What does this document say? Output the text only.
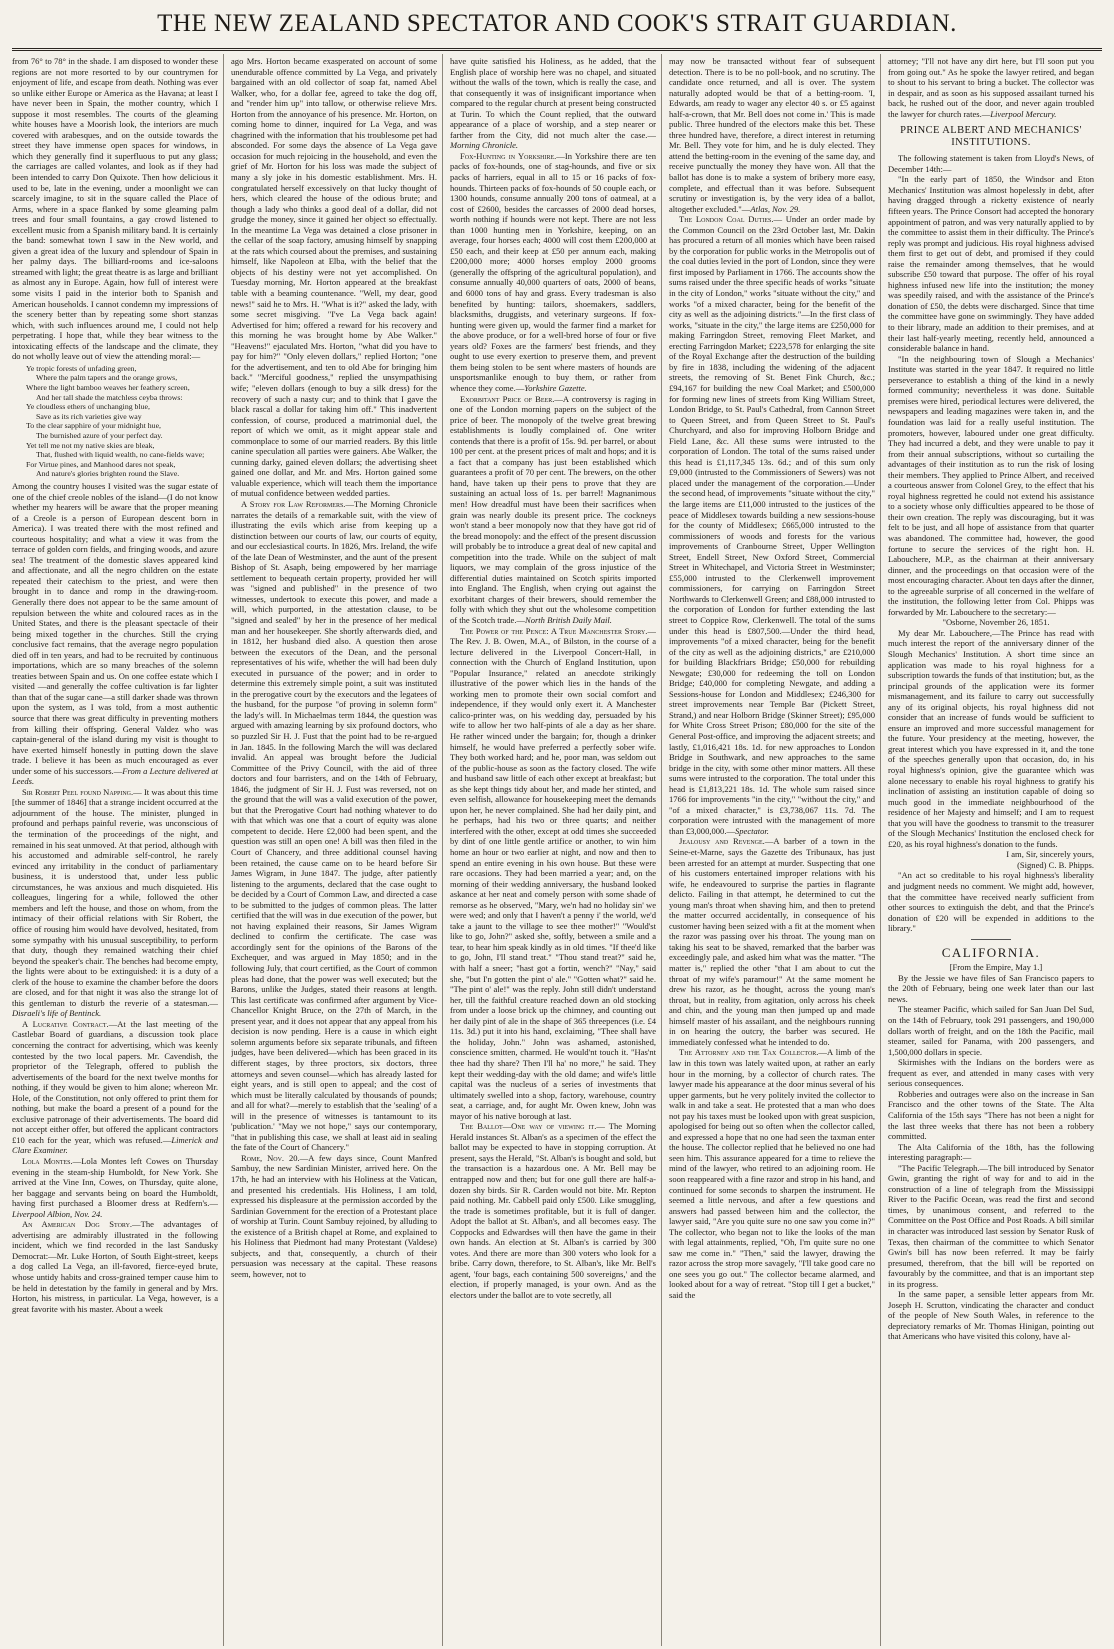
THE NEW ZEALAND SPECTATOR AND COOK'S STRAIT GUARDIAN.

from 76° to 78° in the shade. I am disposed to wonder these regions are not more resorted to by our countrymen for enjoyment of life, and escape from death. Nothing was ever so unlike either Europe or America as the Havana; at least I have never been in Spain, the mother country, which I suppose it most resembles. The courts of the gleaming white houses have a Moorish look, the interiors are much covered with arabesques, and on the outside towards the street they have immense open spaces for windows, in which they generally find it superfluous to put any glass; the carriages are called volantes, and look as if they had been intended to carry Don Quixote. Then how delicious it used to be, late in the evening, under a moonlight we can scarcely imagine, to sit in the square called the Place of Arms, where in a space flanked by some gleaming palm trees and four small fountains, a gay crowd listened to excellent music from a Spanish military band. It is certainly the band: somewhat town I saw in the New world, and given a great idea of the luxury and splendour of Spain in her palmy days. The billiard-rooms and ice-saloons streamed with light; the great theatre is as large and brilliant as almost any in Europe. Again, how full of interest were some visits I paid in the interior both to Spanish and American households. I cannot condemn my impressions of the scenery better than by repeating some short stanzas which, with such influences around me, I could not help perpetrating. I hope that, while they bear witness to the intoxicating effects of the landscape and the climate, they do not wholly leave out of view the attending moral:—

Ye tropic forests of unfading green,
Where the palm tapers and the orange grows,
Where the light bamboo weaves her feathery screen,
And her tall shade the matchless ceyba throws:
Ye cloudless ethers of unchanging blue,
Save as its rich varieties give way
To the clear sapphire of your midnight hue,
The burnished azure of your perfect day.
Yet tell me not my native skies are bleak,
That, flushed with liquid wealth, no cane-fields wave;
For Virtue pines, and Manhood dares not speak,
And nature's glories brighten round the Slave.

Among the country houses I visited was the sugar estate of one of the chief creole nobles of the island—(I do not know whether my hearers will be aware that the proper meaning of a Creole is a person of European descent born in America). I was treated there with the most refined and courteous hospitality; and what a view it was from the terrace of golden corn fields, and fringing woods, and azure sea! The treatment of the domestic slaves appeared kind and affectionate, and all the negro children on the estate repeated their catechism to the priest, and were then brought in to dance and romp in the drawing-room. Generally there does not appear to be the same amount of repulsion between the white and coloured races as in the United States, and there is the pleasant spectacle of their being mixed together in the churches. Still the crying conclusive fact remains, that the average negro population died off in ten years, and had to be recruited by continuous importations, which are so many breaches of the solemn treaties between Spain and us. On one coffee estate which I visited —and generally the coffee cultivation is far lighter than that of the sugar cane—a still darker shade was thrown upon the system, as I was told, from a most authentic source that there was great difficulty in preventing mothers from killing their offspring. General Valdez who was captain-general of the island during my visit is thought to have exerted himself honestly in putting down the slave trade. I believe it has been as much encouraged as ever under some of his successors.—From a Lecture delivered at Leeds.

Sir Robert Peel found Napping.— It was about this time [the summer of 1846] that a strange incident occurred at the adjournment of the house. The minister, plunged in profound and perhaps painful reverie, was unconscious of the termination of the proceedings of the night, and remained in his seat unmoved. At that period, although with his accustomed and admirable self-control, he rarely evinced any irritability in the conduct of parliamentary business, it is understood that, under less public circumstances, he was anxious and much disquieted. His colleagues, lingering for a while, followed the other members and left the house, and those on whom, from the intimacy of their official relations with Sir Robert, the office of rousing him would have devolved, hesitated, from some sympathy with his unusual susceptibility, to perform that duty, though they remained watching their chief beyond the speaker's chair. The benches had become empty, the lights were about to be extinguished: it is a duty of a clerk of the house to examine the chamber before the doors are closed, and for that night it was also the strange lot of this gentleman to disturb the reverie of a statesman.—Disraeli's life of Bentinck.

A Lucrative Contract.—At the last meeting of the Castlebar Board of guardians, a discussion took place concerning the contract for advertising, which was keenly contested by the two local papers. Mr. Cavendish, the proprietor of the Telegraph, offered to publish the advertisements of the board for the next twelve months for nothing, if they would be given to him alone; whereon Mr. Hole, of the Constitution, not only offered to print them for nothing, but make the board a present of a pound for the exclusive patronage of their advertisements. The board did not accept either offer, but offered the applicant contractors £10 each for the year, which was refused.—Limerick and Clare Examiner.

Lola Montes.—Lola Montes left Cowes on Thursday evening in the steam-ship Humboldt, for New York. She arrived at the Vine Inn, Cowes, on Thursday, quite alone, her baggage and servants being on board the Humboldt, having first purchased a Bloomer dress at Redfern's.—Liverpool Albion, Nov. 24.

An American Dog Story.—The advantages of advertising are admirably illustrated in the following incident, which we find recorded in the last Sandusky Democrat:—Mr. Luke Horton, of South Eight-street, keeps a dog called La Vega, an ill-favored, fierce-eyed brute, whose untidy habits and cross-grained temper cause him to be held in detestation by the family in general and by Mrs. Horton, his mistress, in particular. La Vega, however, is a great favorite with his master. About a week

ago Mrs. Horton became exasperated on account of some unendurable offence committed by La Vega, and privately bargained with an old collector of soap fat, named Abel Walker, who, for a dollar fee, agreed to take the dog off, and "render him up" into tallow, or otherwise relieve Mrs. Horton from the annoyance of his presence. Mr. Horton, on coming home to dinner, inquired for La Vega, and was chagrined with the information that his troublesome pet had absconded. For some days the absence of La Vega gave occasion for much rejoicing in the household, and even the grief of Mr. Horton for his loss was made the subject of many a sly joke in his domestic establishment. Mrs. H. congratulated herself excessively on that lucky thought of hers, which cleared the house of the odious brute; and though a lady who thinks a good deal of a dollar, did not grudge the money, since it gained her object so effectually. In the meantime La Vega was detained a close prisoner in the cellar of the soap factory, amusing himself by snapping at the rats which coursed about the premises, and sustaining himself, like Napoleon at Elba, with the belief that the objects of his destiny were not yet accomplished. On Tuesday morning, Mr. Horton appeared at the breakfast table with a beaming countenance. "Well, my dear, good news!" said he to Mrs. H. "What is it?" asked the lady, with some secret misgiving. "I've La Vega back again! Advertised for him; offered a reward for his recovery and this morning he was brought home by Abe Walker." "Heavens!" ejaculated Mrs. Horton, "what did you have to pay for him?" "Only eleven dollars," replied Horton; "one for the advertisement, and ten to old Abe for bringing him back." "Merciful goodness," replied the unsympathising wife; "eleven dollars (enough to buy a silk dress) for the recovery of such a nasty cur; and to think that I gave the black rascal a dollar for taking him off." This inadvertent confession, of course, produced a matrimonial duel, the report of which we omit, as it might appear stale and commonplace to some of our married readers. By this little canine speculation all parties were gainers. Abe Walker, the cunning darky, gained eleven dollars; the advertising sheet gained one dollar, and Mr. and Mrs. Horton gained some valuable experience, which will teach them the importance of mutual confidence between wedded parties.

A Story for Law Reformers.—The Morning Chronicle narrates the details of a remarkable suit, with the view of illustrating the evils which arise from keeping up a distinction between our courts of law, our courts of equity, and our ecclesiastical courts. In 1826, Mrs. Ireland, the wife of the late Dean of Westminster, and the aunt of the present Bishop of St. Asaph, being empowered by her marriage settlement to bequeath certain property, provided her will was "signed and published" in the presence of two witnesses, undertook to execute this power, and made a will, which purported, in the attestation clause, to be "signed and sealed" by her in the presence of her medical man and her housekeeper. She shortly afterwards died, and in 1812, her husband died also. A question then arose between the executors of the Dean, and the personal representatives of his wife, whether the will had been duly executed in pursuance of the power; and in order to determine this extremely simple point, a suit was instituted in the prerogative court by the executors and the legatees of the husband, for the purpose "of proving in solemn form" the lady's will. In Michaelmas term 1844, the question was argued with amazing learning by six profound doctors, who so puzzled Sir H. J. Fust that the point had to be re-argued in Jan. 1845. In the following March the will was declared invalid. An appeal was brought before the Judicial Committee of the Privy Council, with the aid of three doctors and four barristers, and on the 14th of February, 1846, the judgment of Sir H. J. Fust was reversed, not on the ground that the will was a valid execution of the power, but that the Prerogative Court had nothing whatever to do with that which was one that a court of equity was alone competent to decide. Here £2,000 had been spent, and the question was still an open one! A bill was then filed in the Court of Chancery, and three additional counsel having been retained, the cause came on to be heard before Sir James Wigram, in June 1847. The judge, after patiently listening to the arguments, declared that the case ought to be decided by a Court of Common Law, and directed a case to be submitted to the judges of common pleas. The latter certified that the will was in due execution of the power, but not having explained their reasons, Sir James Wigram declined to confirm the certificate. The case was accordingly sent for the opinions of the Barons of the Exchequer, and was argued in May 1850; and in the following July, that court certified, as the Court of common pleas had done, that the power was well executed; but the Barons, unlike the Judges, stated their reasons at length. This last certificate was confirmed after argument by Vice-Chancellor Knight Bruce, on the 27th of March, in the present year, and it does not appear that any appeal from his decision is now pending. Here is a cause in which eight solemn arguments before six separate tribunals, and fifteen judges, have been delivered—which has been graced in its different stages, by three proctors, six doctors, three attorneys and seven counsel—which has already lasted for eight years, and is still open to appeal; and the cost of which must be literally calculated by thousands of pounds; and all for what?—merely to establish that the 'sealing' of a will in the presence of witnesses is tantamount to its 'publication.' "May we not hope," says our contemporary, "that in publishing this case, we shall at least aid in sealing the fate of the Court of Chancery."

Rome, Nov. 20.—A few days since, Count Manfred Sambuy, the new Sardinian Minister, arrived here. On the 17th, he had an interview with his Holiness at the Vatican, and presented his credentials. His Holiness, I am told, expressed his displeasure at the permission accorded by the Sardinian Government for the erection of a Protestant place of worship at Turin. Count Sambuy rejoined, by alluding to the existence of a British chapel at Rome, and explained to his Holiness that Piedmont had many Protestant (Valdese) subjects, and that, consequently, a church of their persuasion was necessary at the capital. These reasons seem, however, not to

have quite satisfied his Holiness, as he added, that the English place of worship here was no chapel, and situated without the walls of the town, which is really the case, and that consequently it was of insignificant importance when compared to the regular church at present being constructed at Turin. To which the Count replied, that the outward appearance of a place of worship, and a step nearer or farther from the City, did not much alter the case.—Morning Chronicle.

Fox-Hunting in Yorkshire.—In Yorkshire there are ten packs of fox-hounds, one of stag-hounds, and five or six packs of harriers, equal in all to 15 or 16 packs of fox-hounds. Thirteen packs of fox-hounds of 50 couple each, or 1300 hounds, consume annually 200 tons of oatmeal, at a cost of £2600, besides the carcasses of 2000 dead horses, worth nothing if hounds were not kept. There are not less than 1000 hunting men in Yorkshire, keeping, on an average, four horses each; 4000 will cost them £200,000 at £50 each, and their keep at £50 per annum each, making £200,000 more; 4000 horses employ 2000 grooms (generally the offspring of the agricultural population), and consume annually 40,000 quarters of oats, 2000 of beans, and 6000 tons of hay and grass. Every tradesman is also benefited by hunting: tailors, shoemakers, saddlers, blacksmiths, druggists, and veterinary surgeons. If fox-hunting were given up, would the farmer find a market for the above produce, or for a well-bred horse of four or five years old? Foxes are the farmers' best friends, and they ought to use every exertion to preserve them, and prevent them being stolen to be sent where masters of hounds are unsportsmanlike enough to buy them, or rather from whence they come.—Yorkshire Gazette.

Exorbitant Price of Beer.—A controversy is raging in one of the London morning papers on the subject of the price of beer. The monopoly of the twelve great brewing establishments is loudly complained of. One writer contends that there is a profit of 15s. 9d. per barrel, or about 100 per cent. at the present prices of malt and hops; and it is a fact that a company has just been established which guarantees a profit of 70 per cent. The brewers, on the other hand, have taken up their pens to prove that they are sustaining an actual loss of 1s. per barrel! Magnanimous men! How dreadful must have been their sacrifices when grain was nearly double its present price. The cockneys won't stand a beer monopoly now that they have got rid of the bread monopoly: and the effect of the present discussion will probably be to introduce a great deal of new capital and competition into the trade. While on the subject of malt liquors, we may complain of the gross injustice of the differential duties maintained on Scotch spirits imported into England. The English, when crying out against the exorbitant charges of their brewers, should remember the folly with which they shut out the wholesome competition of the Scotch trade.—North British Daily Mail.

The Power of the Pence: A True Manchester Story.—The Rev. J. B. Owen, M.A., of Bilston, in the course of a lecture delivered in the Liverpool Concert-Hall, in connection with the Church of England Institution, upon "Popular Insurance," related an anecdote strikingly illustrative of the power which lies in the hands of the working men to promote their own social comfort and independence, if they would only exert it. A Manchester calico-printer was, on his wedding day, persuaded by his wife to allow her two half-pints of ale a day as her share. He rather winced under the bargain; for, though a drinker himself, he would have preferred a perfectly sober wife. They both worked hard; and he, poor man, was seldom out of the public-house as soon as the factory closed. The wife and husband saw little of each other except at breakfast; but as she kept things tidy about her, and made her stinted, and even selfish, allowance for housekeeping meet the demands upon her, he never complained. She had her daily pint, and he perhaps, had his two or three quarts; and neither interfered with the other, except at odd times she succeeded by dint of one little gentle artifice or another, to win him home an hour or two earlier at night, and now and then to spend an entire evening in his own house. But these were rare occasions. They had been married a year; and, on the morning of their wedding anniversary, the husband looked askance at her neat and comely person with some shade of remorse as he observed, "Mary, we'n had no holiday sin' we were wed; and only that I haven't a penny i' the world, we'd take a jaunt to the village to see thee mother!" "Would'st like to go, John?" asked she, softly, between a smile and a tear, to hear him speak kindly as in old times. "If thee'd like to go, John, I'll stand treat." "Thou stand treat?" said he, with half a sneer; "hast got a fortin, wench?" "Nay," said she, "but I'n gotten the pint o' ale." "Gotten what?" said he. "The pint o' ale!" was the reply. John still didn't understand her, till the faithful creature reached down an old stocking from under a loose brick up the chimney, and counting out her daily pint of ale in the shape of 365 threepences (i.e. £4 11s. 3d.) put it into his hand, exclaiming, "Thee shall have the holiday, John." John was ashamed, astonished, conscience smitten, charmed. He would'nt touch it. "Has'nt thee had thy share? Then I'll ha' no more," he said. They kept their wedding-day with the old dame; and wife's little capital was the nucleus of a series of investments that ultimately swelled into a shop, factory, warehouse, country seat, a carriage, and, for aught Mr. Owen knew, John was mayor of his native borough at last.

The Ballot—One way of viewing it.— The Morning Herald instances St. Alban's as a specimen of the effect the ballot may be expected to have in stopping corruption. At present, says the Herald, "St. Alban's is bought and sold, but the transaction is a hazardous one. A Mr. Bell may be entrapped now and then; but for one gull there are half-a-dozen shy birds. Sir R. Carden would not bite. Mr. Repton paid nothing. Mr. Cabbell paid only £500. Like smuggling, the trade is sometimes profitable, but it is full of danger. Adopt the ballot at St. Alban's, and all becomes easy. The Coppocks and Edwardses will then have the game in their own hands. An election at St. Alban's is carried by 300 votes. And there are more than 300 voters who look for a bribe. Carry down, therefore, to St. Alban's, like Mr. Bell's agent, 'four bags, each containing 500 sovereigns,' and the election, if properly managed, is your own. And as the electors under the ballot are to vote secretly, all

may now be transacted without fear of subsequent detection. There is to be no poll-book, and no scrutiny. The candidate once returned, and all is over. The system naturally adopted would be that of a betting-room. 'I, Edwards, am ready to wager any elector 40 s. or £5 against half-a-crown, that Mr. Bell does not come in.' This is made public. Three hundred of the electors make this bet. These three hundred have, therefore, a direct interest in returning Mr. Bell. They vote for him, and he is duly elected. They attend the betting-room in the evening of the same day, and receive punctually the money they have won. All that the ballot has done is to make a system of bribery more easy, complete, and effectual than it was before. Subsequent scrutiny or investigation is, by the very idea of a ballot, altogether excluded."—Atlas, Nov. 29.

The London Coal Duties.— Under an order made by the Common Council on the 23rd October last, Mr. Dakin has procured a return of all monies which have been raised by the corporation for public works in the Metropolis out of the coal duties levied in the port of London, since they were first imposed by Parliament in 1766. The accounts show the sums raised under the three specific heads of works "situate in the city of London," works "situate without the city," and works "of a mixed character, being for the benefit of the city as well as the adjoining districts."—In the first class of works, "situate in the city," the large items are £250,000 for making Farringdon Street, removing Fleet Market, and erecting Farringdon Market; £223,578 for enlarging the site of the Royal Exchange after the destruction of the building by fire in 1838, including the widening of the adjacent streets, the removing of St. Benet Fink Church, &c.; £94,167 for building the new Coal Market; and £500,000 for forming new lines of streets from King William Street, London Bridge, to St. Paul's Cathedral, from Cannon Street to Queen Street, and from Queen Street to St. Paul's Churchyard, and also for improving Holborn Bridge and Field Lane, &c. All these sums were intrusted to the corporation of London. The total of the sums raised under this head is £1,117,345 13s. 6d.; and of this sum only £9,000 (intrusted to the Commissioners of Sewers) was not placed under the management of the corporation.—Under the second head, of improvements "situate without the city," the large items are £11,000 intrusted to the justices of the peace of Middlesex towards building a new sessions-house for the county of Middlesex; £665,000 intrusted to the commissioners of woods and forests for the various improvements of Cranbourne Street, Upper Wellington Street, Endell Street, New Oxford Street, Commercial Street in Whitechapel, and Victoria Street in Westminster; £55,000 intrusted to the Clerkenwell improvement commissioners, for carrying on Farringdon Street Northwards to Clerkenwell Green; and £88,000 intrusted to the corporation of London for further extending the last street to Coppice Row, Clerkenwell. The total of the sums under this head is £807,500.—Under the third head, improvements "of a mixed character, being for the benefit of the city as well as the adjoining districts," are £210,000 for building Blackfriars Bridge; £50,000 for rebuilding Newgate; £30,000 for redeeming the toll on London Bridge; £40,000 for completing Newgate, and adding a Sessions-house for London and Middlesex; £246,300 for street improvements near Temple Bar (Pickett Street, Strand,) and near Holborn Bridge (Skinner Street); £95,000 for White Cross Street Prison; £80,000 for the site of the General Post-office, and improving the adjacent streets; and lastly, £1,016,421 18s. 1d. for new approaches to London Bridge in Southwark, and new approaches to the same bridge in the city, with some other minor matters. All these sums were intrusted to the corporation. The total under this head is £1,813,221 18s. 1d. The whole sum raised since 1766 for improvements "in the city," "without the city," and "of a mixed character," is £3,738,067 11s. 7d. The corporation were intrusted with the management of more than £3,000,000.—Spectator.

Jealousy and Revenge.—A barber of a town in the Seine-et-Marne, says the Gazette des Tribunaux, has just been arrested for an attempt at murder. Suspecting that one of his customers entertained improper relations with his wife, he endeavoured to surprise the parties in flagrante delicto. Failing in that attempt, he determined to cut the young man's throat when shaving him, and then to pretend the matter occurred accidentally, in consequence of his customer having been seized with a fit at the moment when the razor was passing over his throat. The young man on taking his seat to be shaved, remarked that the barber was exceedingly pale, and asked him what was the matter. "The matter is," replied the other "that I am about to cut the throat of my wife's paramour!" At the same moment he drew his razor, as he thought, across the young man's throat, but in reality, from agitation, only across his cheek and chin, and the young man then jumped up and made himself master of his assailant, and the neighbours running in on hearing the outcry, the barber was secured. He immediately confessed what he intended to do.

The Attorney and the Tax Collector.—A limb of the law in this town was lately waited upon, at rather an early hour in the morning, by a collector of church rates. The lawyer made his appearance at the door minus several of his upper garments, but he very politely invited the collector to walk in and take a seat. He protested that a man who does not pay his taxes must be looked upon with great suspicion, apologised for being out so often when the collector called, and expressed a hope that no one had seen the taxman enter the house. The collector replied that he believed no one had seen him. This assurance appeared for a time to relieve the mind of the lawyer, who retired to an adjoining room. He soon reappeared with a fine razor and strop in his hand, and continued for some seconds to sharpen the instrument. He seemed a little nervous, and after a few questions and answers had passed between him and the collector, the lawyer said, "Are you quite sure no one saw you come in?" The collector, who began not to like the looks of the man with legal attainments, replied, "Oh, I'm quite sure no one saw me come in." "Then," said the lawyer, drawing the razor across the strop more savagely, "I'll take good care no one sees you go out." The collector became alarmed, and looked about for a way of retreat. "Stop till I get a bucket," said the

attorney; "I'll not have any dirt here, but I'll soon put you from going out." As he spoke the lawyer retired, and began to shout to his servant to bring a bucket. The collector was in despair, and as soon as his supposed assailant turned his back, he rushed out of the door, and never again troubled the lawyer for church rates.—Liverpool Mercury.

PRINCE ALBERT AND MECHANICS' INSTITUTIONS.

The following statement is taken from Lloyd's News, of December 14th:—

"In the early part of 1850, the Windsor and Eton Mechanics' Institution was almost hopelessly in debt, after having dragged through a ricketty existence of nearly fifteen years. The Prince Consort had accepted the honorary appointment of patron, and was very naturally applied to by the committee to assist them in their difficulty. The Prince's reply was prompt and judicious. His royal highness advised them first to get out of debt, and promised if they could raise the remainder among themselves, that he would subscribe £50 toward that purpose. The offer of his royal highness infused new life into the institution; the money was speedily raised, and with the assistance of the Prince's donation of £50, the debts were discharged. Since that time the committee have gone on swimmingly. They have added to their library, made an addition to their premises, and at their last half-yearly meeting, recently held, announced a considerable balance in hand.

"In the neighbouring town of Slough a Mechanics' Institute was started in the year 1847. It required no little perseverance to establish a thing of the kind in a newly formed community; nevertheless it was done. Suitable premises were hired, periodical lectures were delivered, the newspapers and leading magazines were taken in, and the foundation was laid for a really useful institution. The promoters, however, laboured under one great difficulty. They had incurred a debt, and they were unable to pay it from their annual subscriptions, without so curtailing the advantages of their institution as to run the risk of losing their members. They applied to Prince Albert, and received a courteous answer from Colonel Grey, to the effect that his royal highness regretted he could not extend his assistance to a society whose only difficulties appeared to be those of their own creation. The reply was discouraging, but it was felt to be just, and all hope of assistance from that quarter was abandoned. The committee had, however, the good fortune to secure the services of the right hon. H. Labouchere, M.P., as the chairman at their anniversary dinner, and the proceedings on that occasion were of the most encouraging character. About ten days after the dinner, to the agreeable surprise of all concerned in the welfare of the institution, the following letter from Col. Phipps was forwarded by Mr. Labouchere to the secretary:—

"Osborne, November 26, 1851.

My dear Mr. Labouchere,—The Prince has read with much interest the report of the anniversary dinner of the Slough Mechanics' Institution. A short time since an application was made to his royal highness for a subscription towards the funds of that institution; but, as the principal grounds of the application were its former mismanagement, and its failure to carry out successfully any of its original objects, his royal highness did not consider that an increase of funds would be sufficient to ensure an improved and more successful management for the future. Your presidency at the meeting, however, the great interest which you have expressed in it, and the tone of the speeches generally upon that occasion, do, in his royal highness's opinion, give the guarantee which was alone necessary to enable his royal highness to gratify his inclination of assisting an institution capable of doing so much good in the immediate neighbourhood of the residence of her Majesty and himself; and I am to request that you will have the goodness to transmit to the treasurer of the Slough Mechanics' Institution the enclosed check for £20, as his royal highness's donation to the funds.

I am, Sir, sincerely yours,

(Signed) C. B. Phipps.

"An act so creditable to his royal highness's liberality and judgment needs no comment. We might add, however, that the committee have received nearly sufficient from other sources to extinguish the debt, and that the Prince's donation of £20 will be expended in additions to the library."

CALIFORNIA.

[From the Empire, May 1.]

By the Jessie we have files of San Francisco papers to the 20th of February, being one week later than our last news.

The steamer Pacific, which sailed for San Juan Del Sud, on the 14th of February, took 291 passengers, and 190,000 dollars worth of freight, and on the 18th the Pacific, mail steamer, sailed for Panama, with 200 passengers, and 1,500,000 dollars in specie.

Skirmishes with the Indians on the borders were as frequent as ever, and attended in many cases with very serious consequences.

Robberies and outrages were also on the increase in San Francisco and the other towns of the State. The Alta California of the 15th says "There has not been a night for the last three weeks that there has not been a robbery committed.

The Alta California of the 18th, has the following interesting paragraph:—

"The Pacific Telegraph.—The bill introduced by Senator Gwin, granting the right of way for and to aid in the construction of a line of telegraph from the Mississippi River to the Pacific Ocean, was read the first and second times, by unanimous consent, and referred to the Committee on the Post Office and Post Roads. A bill similar in character was introduced last session by Senator Rusk of Texas, then chairman of the committee to which Senator Gwin's bill has now been referred. It may be fairly presumed, therefrom, that the bill will be reported on favourably by the committee, and that is an important step in its progress.

In the same paper, a sensible letter appears from Mr. Joseph H. Scrutton, vindicating the character and conduct of the people of New South Wales, in reference to the depreciatory remarks of Mr. Thomas Hinigan, pointing out that Americans who have visited this colony, have al-
